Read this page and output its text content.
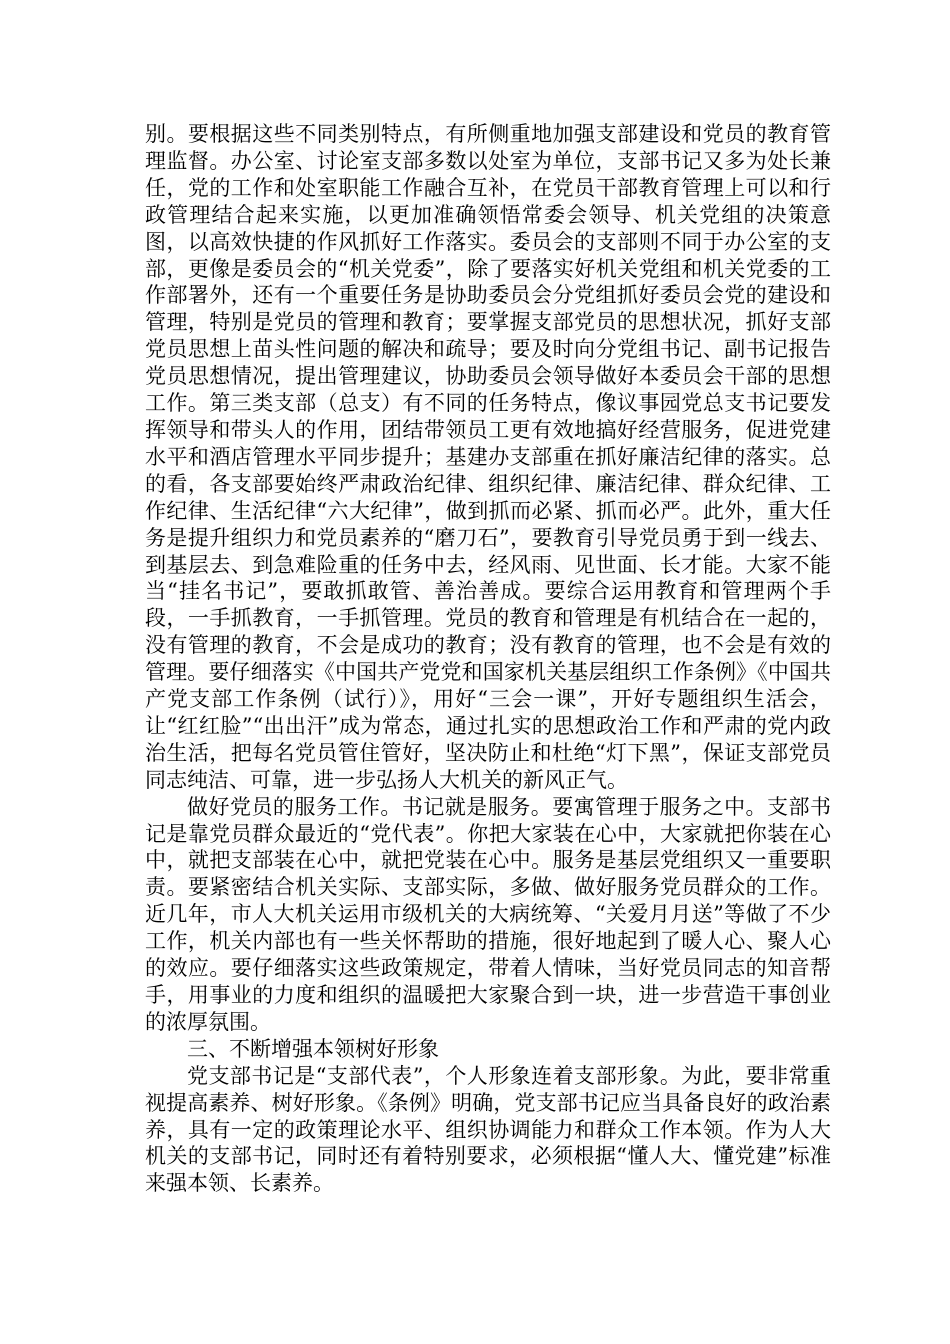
别。要根据这些不同类别特点，有所侧重地加强支部建设和党员的教育管理监督。办公室、讨论室支部多数以处室为单位，支部书记又多为处长兼任，党的工作和处室职能工作融合互补，在党员干部教育管理上可以和行政管理结合起来实施，以更加准确领悟常委会领导、机关党组的决策意图，以高效快捷的作风抓好工作落实。委员会的支部则不同于办公室的支部，更像是委员会的“机关党委”，除了要落实好机关党组和机关党委的工作部署外，还有一个重要任务是协助委员会分党组抓好委员会党的建设和管理，特别是党员的管理和教育；要掌握支部党员的思想状况，抓好支部党员思想上苗头性问题的解决和疏导；要及时向分党组书记、副书记报告党员思想情况，提出管理建议，协助委员会领导做好本委员会干部的思想工作。第三类支部（总支）有不同的任务特点，像议事园党总支书记要发挥领导和带头人的作用，团结带领员工更有效地搞好经营服务，促进党建水平和酒店管理水平同步提升；基建办支部重在抓好廉洁纪律的落实。总的看，各支部要始终严肃政治纪律、组织纪律、廉洁纪律、群众纪律、工作纪律、生活纪律“六大纪律”，做到抓而必紧、抓而必严。此外，重大任务是提升组织力和党员素养的“磨刀石”，要教育引导党员勇于到一线去、到基层去、到急难险重的任务中去，经风雨、见世面、长才能。大家不能当“挂名书记”，要敢抓敢管、善治善成。要综合运用教育和管理两个手段，一手抓教育，一手抓管理。党员的教育和管理是有机结合在一起的，没有管理的教育，不会是成功的教育；没有教育的管理，也不会是有效的管理。要仔细落实《中国共产党党和国家机关基层组织工作条例》《中国共产党支部工作条例（试行）》，用好“三会一课”，开好专题组织生活会，让“红红脸”“出出汗”成为常态，通过扎实的思想政治工作和严肃的党内政治生活，把每名党员管住管好，坚决防止和杜绝“灯下黑”，保证支部党员同志纯洁、可靠，进一步弘扬人大机关的新风正气。

做好党员的服务工作。书记就是服务。要寓管理于服务之中。支部书记是靠党员群众最近的“党代表”。你把大家装在心中，大家就把你装在心中，就把支部装在心中，就把党装在心中。服务是基层党组织又一重要职责。要紧密结合机关实际、支部实际，多做、做好服务党员群众的工作。近几年，市人大机关运用市级机关的大病统筹、“关爱月月送”等做了不少工作，机关内部也有一些关怀帮助的措施，很好地起到了暖人心、聚人心的效应。要仔细落实这些政策规定，带着人情味，当好党员同志的知音帮手，用事业的力度和组织的温暖把大家聚合到一块，进一步营造干事创业的浓厚氛围。

三、不断增强本领树好形象

党支部书记是“支部代表”，个人形象连着支部形象。为此，要非常重视提高素养、树好形象。《条例》明确，党支部书记应当具备良好的政治素养，具有一定的政策理论水平、组织协调能力和群众工作本领。作为人大机关的支部书记，同时还有着特别要求，必须根据“懂人大、懂党建”标准来强本领、长素养。
